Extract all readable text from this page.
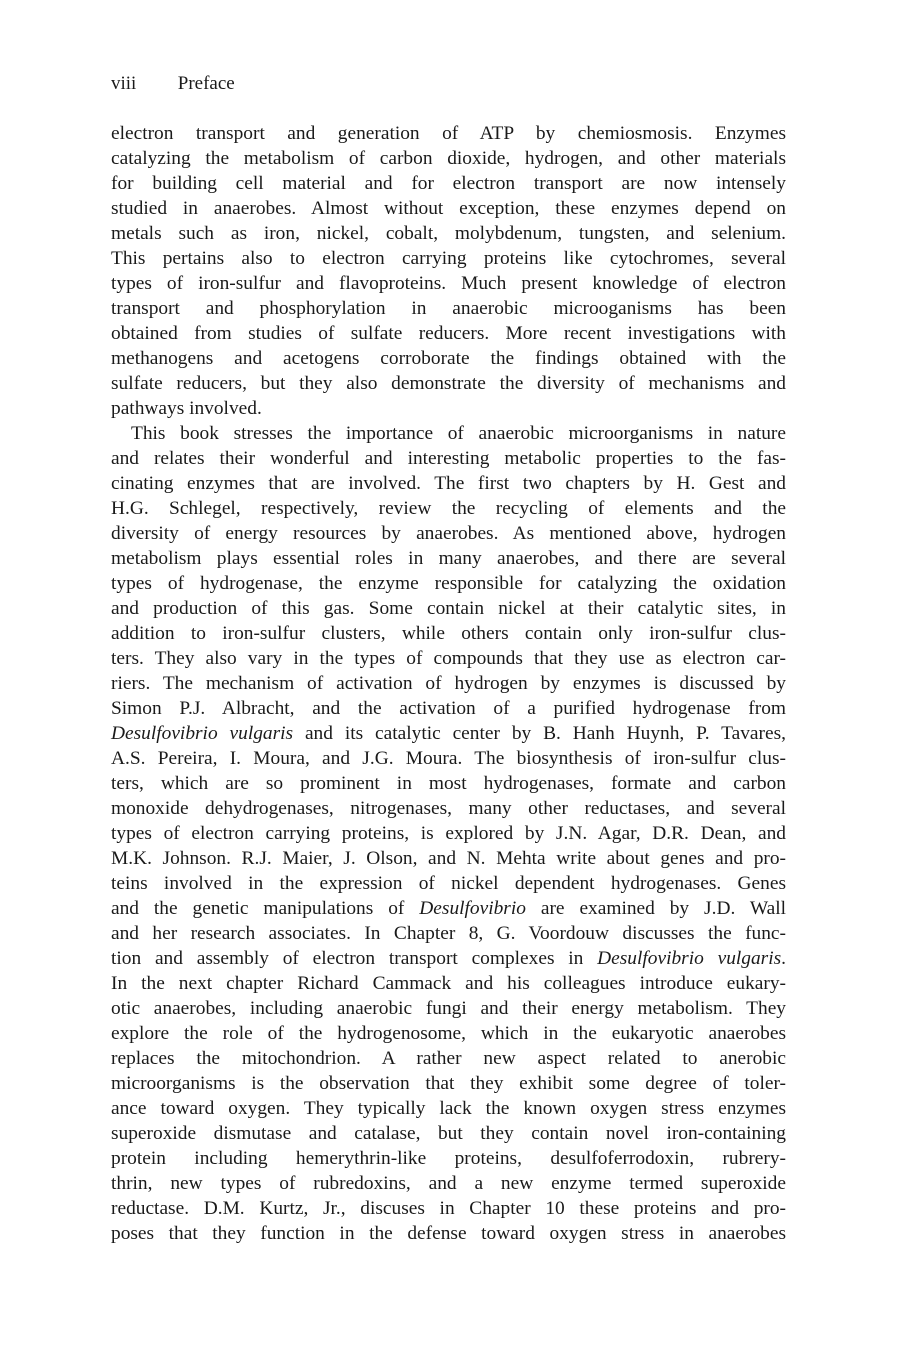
viii Preface
electron transport and generation of ATP by chemiosmosis. Enzymes
catalyzing the metabolism of carbon dioxide, hydrogen, and other materials
for building cell material and for electron transport are now intensely
studied in anaerobes. Almost without exception, these enzymes depend on
metals such as iron, nickel, cobalt, molybdenum, tungsten, and selenium.
This pertains also to electron carrying proteins like cytochromes, several
types of iron-sulfur and flavoproteins. Much present knowledge of electron
transport and phosphorylation in anaerobic microoganisms has been
obtained from studies of sulfate reducers. More recent investigations with
methanogens and acetogens corroborate the findings obtained with the
sulfate reducers, but they also demonstrate the diversity of mechanisms and
pathways involved.
This book stresses the importance of anaerobic microorganisms in nature
and relates their wonderful and interesting metabolic properties to the fas-
cinating enzymes that are involved. The first two chapters by H. Gest and
H.G. Schlegel, respectively, review the recycling of elements and the
diversity of energy resources by anaerobes. As mentioned above, hydrogen
metabolism plays essential roles in many anaerobes, and there are several
types of hydrogenase, the enzyme responsible for catalyzing the oxidation
and production of this gas. Some contain nickel at their catalytic sites, in
addition to iron-sulfur clusters, while others contain only iron-sulfur clus-
ters. They also vary in the types of compounds that they use as electron car-
riers. The mechanism of activation of hydrogen by enzymes is discussed by
Simon P.J. Albracht, and the activation of a purified hydrogenase from
Desulfovibrio vulgaris and its catalytic center by B. Hanh Huynh, P. Tavares,
A.S. Pereira, I. Moura, and J.G. Moura. The biosynthesis of iron-sulfur clus-
ters, which are so prominent in most hydrogenases, formate and carbon
monoxide dehydrogenases, nitrogenases, many other reductases, and several
types of electron carrying proteins, is explored by J.N. Agar, D.R. Dean, and
M.K. Johnson. R.J. Maier, J. Olson, and N. Mehta write about genes and pro-
teins involved in the expression of nickel dependent hydrogenases. Genes
and the genetic manipulations of Desulfovibrio are examined by J.D. Wall
and her research associates. In Chapter 8, G. Voordouw discusses the func-
tion and assembly of electron transport complexes in Desulfovibrio vulgaris.
In the next chapter Richard Cammack and his colleagues introduce eukary-
otic anaerobes, including anaerobic fungi and their energy metabolism. They
explore the role of the hydrogenosome, which in the eukaryotic anaerobes
replaces the mitochondrion. A rather new aspect related to anerobic
microorganisms is the observation that they exhibit some degree of toler-
ance toward oxygen. They typically lack the known oxygen stress enzymes
superoxide dismutase and catalase, but they contain novel iron-containing
protein including hemerythrin-like proteins, desulfoferrodoxin, rubrery-
thrin, new types of rubredoxins, and a new enzyme termed superoxide
reductase. D.M. Kurtz, Jr., discuses in Chapter 10 these proteins and pro-
poses that they function in the defense toward oxygen stress in anaerobes
